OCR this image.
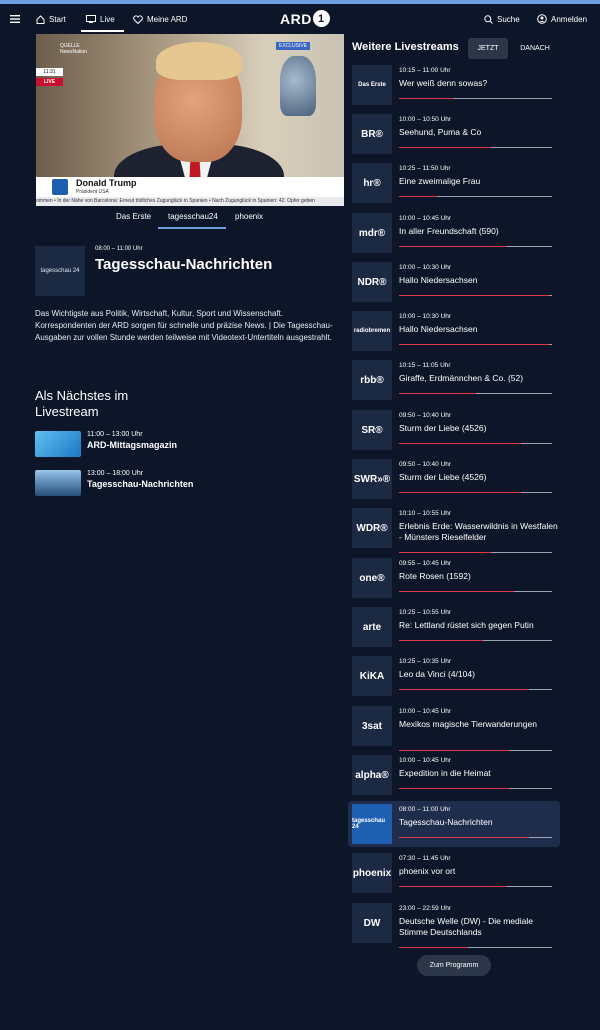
Start	Live	Meine ARD	ARD 1	Suche	Anmelden
QUELLE
NewsNation
EXCLUSIVE
11:31
LIVE
Donald Trump
Präsident USA
ommen • In der Nähe von Barcelona: Erneut tödliches Zugunglück in Spanien • Nach Zugunglück in Spanien: 42. Opfer geben
Das Erste tagesschau24 phoenix
tagesschau 24
08:00 – 11:00 Uhr
Tagesschau-Nachrichten
Das Wichtigste aus Politik, Wirtschaft, Kultur, Sport und Wissenschaft. Korrespondenten der ARD sorgen für schnelle und präzise News. | Die Tagesschau-Ausgaben zur vollen Stunde werden teilweise mit Videotext-Untertiteln ausgestrahlt.
Als Nächstes im Livestream
11:00 – 13:00 Uhr
ARD-Mittagsmagazin
13:00 – 18:00 Uhr
Tagesschau-Nachrichten
Weitere Livestreams	JETZT	DANACH
Das Erste
10:15 – 11:00 Uhr
Wer weiß denn sowas?
BR®
10:00 – 10:50 Uhr
Seehund, Puma & Co
hr®
10:25 – 11:50 Uhr
Eine zweimalige Frau
mdr®
10:00 – 10:45 Uhr
In aller Freundschaft (590)
NDR®
10:00 – 10:30 Uhr
Hallo Niedersachsen
radiobremen
10:00 – 10:30 Uhr
Hallo Niedersachsen
rbb®
10:15 – 11:05 Uhr
Giraffe, Erdmännchen & Co. (52)
SR®
09:50 – 10:40 Uhr
Sturm der Liebe (4526)
SWR»®
09:50 – 10:40 Uhr
Sturm der Liebe (4526)
WDR®
10:10 – 10:55 Uhr
Erlebnis Erde: Wasserwildnis in Westfalen - Münsters Rieselfelder
one®
09:55 – 10:45 Uhr
Rote Rosen (1592)
arte
10:25 – 10:55 Uhr
Re: Lettland rüstet sich gegen Putin
KiKA
10:25 – 10:35 Uhr
Leo da Vinci (4/104)
3sat
10:00 – 10:45 Uhr
Mexikos magische Tierwanderungen
alpha®
10:00 – 10:45 Uhr
Expedition in die Heimat
tagesschau 24
08:00 – 11:00 Uhr
Tagesschau-Nachrichten
phoenix
07:30 – 11:45 Uhr
phoenix vor ort
DW
23:00 – 22:59 Uhr
Deutsche Welle (DW) - Die mediale Stimme Deutschlands
Zum Programm
